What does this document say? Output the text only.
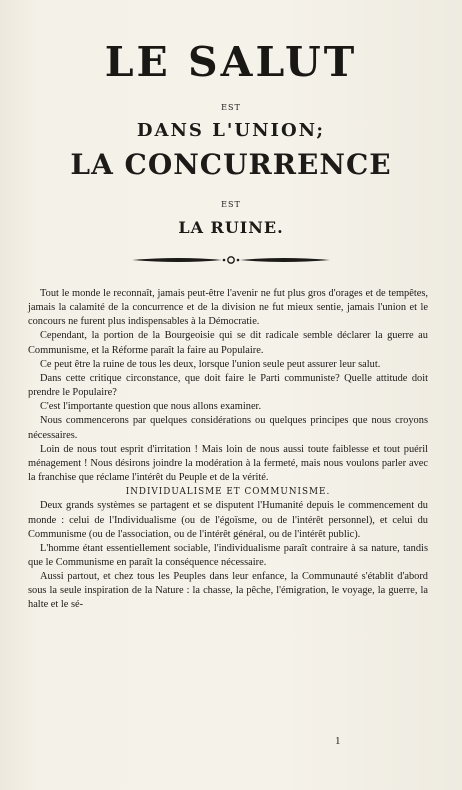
LE SALUT
EST
DANS L'UNION;
LA CONCURRENCE
EST
LA RUINE.

Tout le monde le reconnaît, jamais peut-être l'avenir ne fut plus gros d'orages et de tempêtes, jamais la calamité de la concurrence et de la division ne fut mieux sentie, jamais l'union et le concours ne furent plus indispensables à la Démocratie.

Cependant, la portion de la Bourgeoisie qui se dit radicale semble déclarer la guerre au Communisme, et la Réforme paraît la faire au Populaire.

Ce peut être la ruine de tous les deux, lorsque l'union seule peut assurer leur salut.

Dans cette critique circonstance, que doit faire le Parti communiste? Quelle attitude doit prendre le Populaire?

C'est l'importante question que nous allons examiner.

Nous commencerons par quelques considérations ou quelques principes que nous croyons nécessaires.

Loin de nous tout esprit d'irritation ! Mais loin de nous aussi toute faiblesse et tout puéril ménagement ! Nous désirons joindre la modération à la fermeté, mais nous voulons parler avec la franchise que réclame l'intérêt du Peuple et de la vérité.

INDIVIDUALISME ET COMMUNISME.

Deux grands systèmes se partagent et se disputent l'Humanité depuis le commencement du monde : celui de l'Individualisme (ou de l'égoïsme, ou de l'intérêt personnel), et celui du Communisme (ou de l'association, ou de l'intérêt général, ou de l'intérêt public).

L'homme étant essentiellement sociable, l'individualisme paraît contraire à sa nature, tandis que le Communisme en paraît la conséquence nécessaire.

Aussi partout, et chez tous les Peuples dans leur enfance, la Communauté s'établit d'abord sous la seule inspiration de la Nature : la chasse, la pêche, l'émigration, le voyage, la guerre, la halte et le sé-

1
